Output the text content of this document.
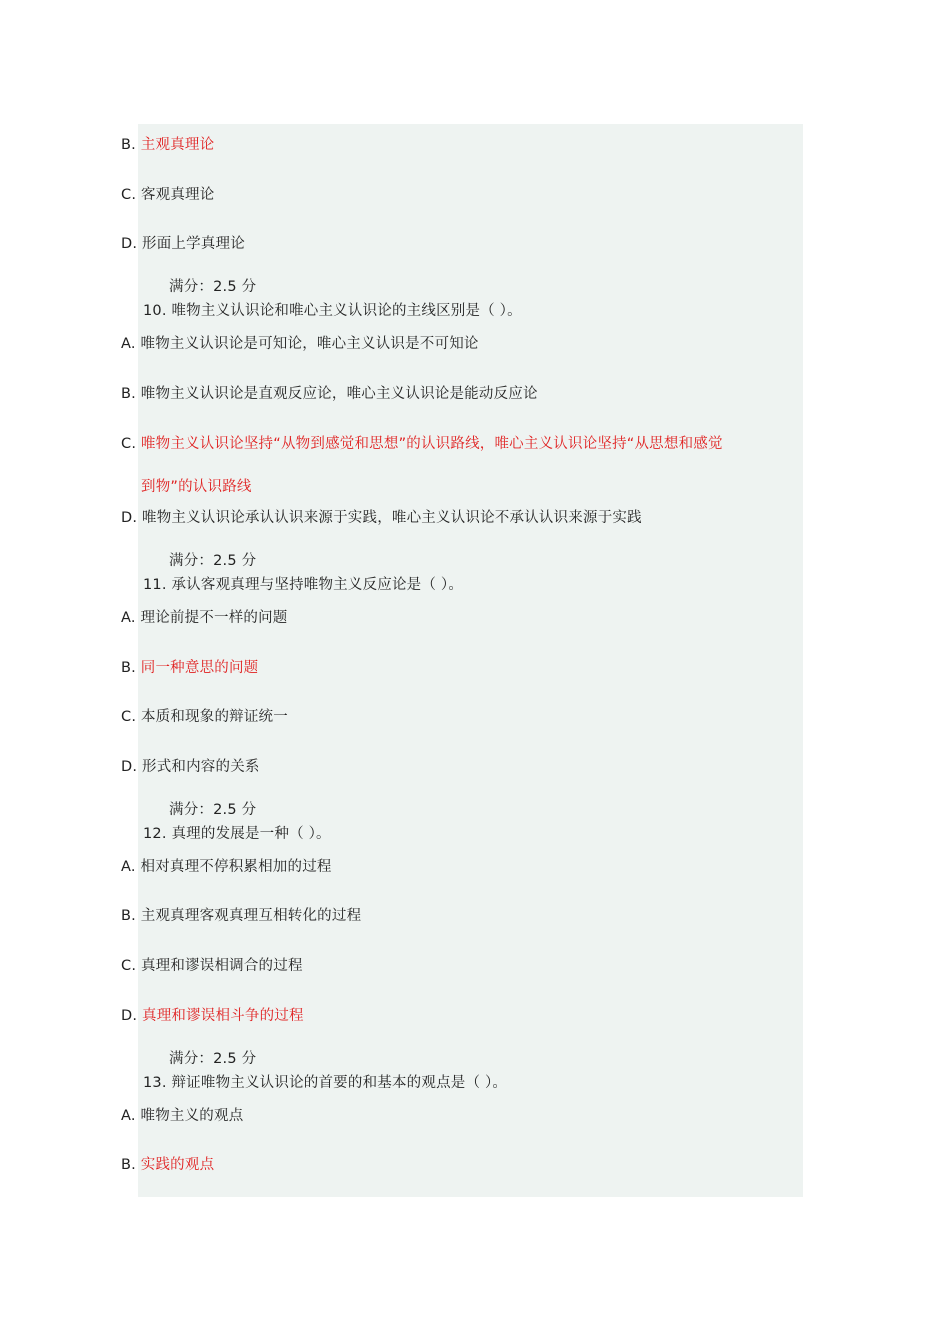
B. 主观真理论
C. 客观真理论
D. 形面上学真理论
满分：2.5 分
10. 唯物主义认识论和唯心主义认识论的主线区别是（ ）。
A. 唯物主义认识论是可知论，唯心主义认识是不可知论
B. 唯物主义认识论是直观反应论，唯心主义认识论是能动反应论
C. 唯物主义认识论坚持“从物到感觉和思想”的认识路线，唯心主义认识论坚持“从思想和感觉
到物”的认识路线
D. 唯物主义认识论承认认识来源于实践，唯心主义认识论不承认认识来源于实践
满分：2.5 分
11. 承认客观真理与坚持唯物主义反应论是（ ）。
A. 理论前提不一样的问题
B. 同一种意思的问题
C. 本质和现象的辩证统一
D. 形式和内容的关系
满分：2.5 分
12. 真理的发展是一种（ ）。
A. 相对真理不停积累相加的过程
B. 主观真理客观真理互相转化的过程
C. 真理和谬误相调合的过程
D. 真理和谬误相斗争的过程
满分：2.5 分
13. 辩证唯物主义认识论的首要的和基本的观点是（ ）。
A. 唯物主义的观点
B. 实践的观点
